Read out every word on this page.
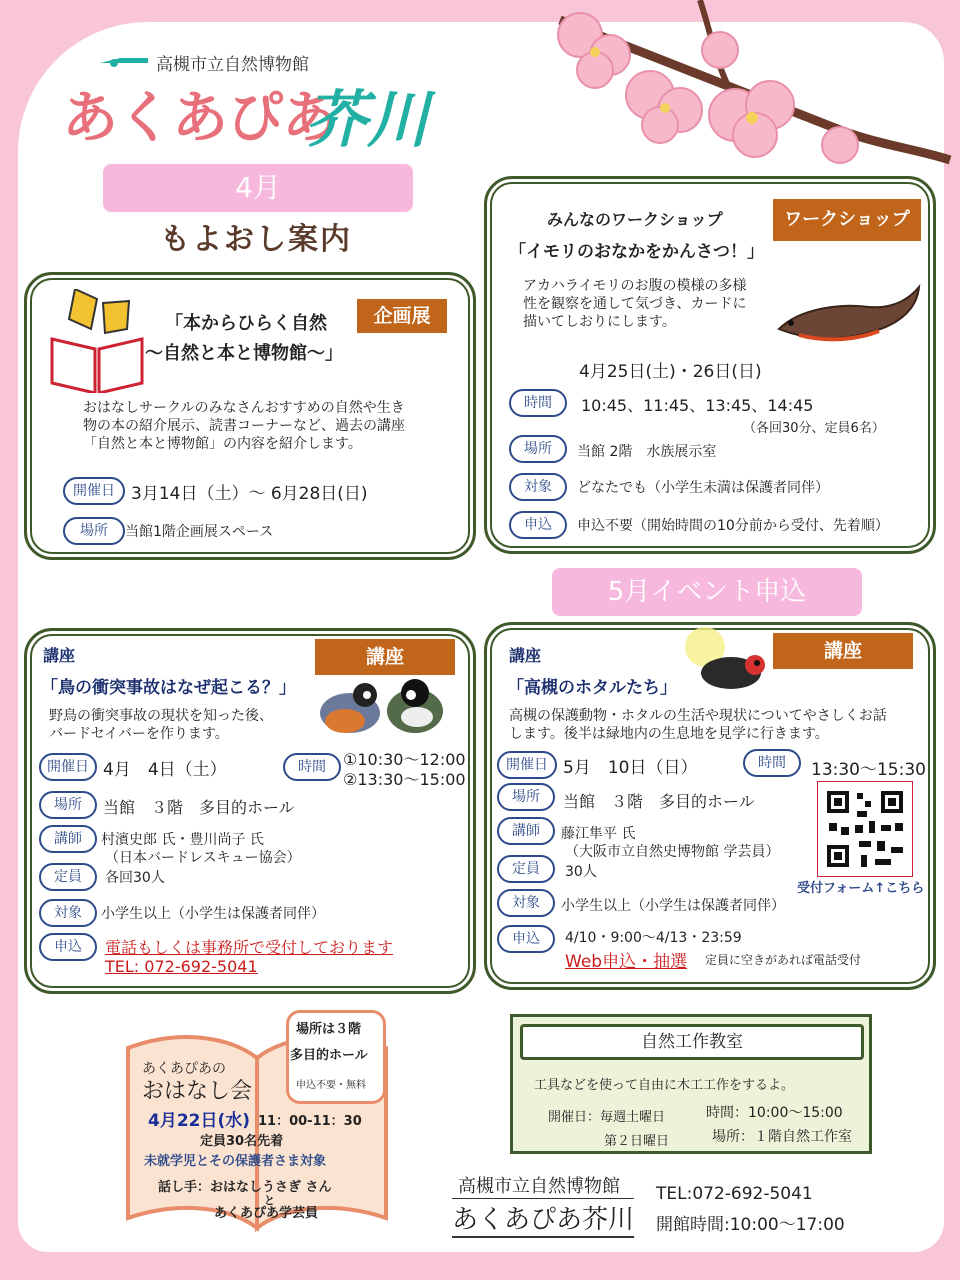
高槻市立自然博物館
あくあぴあ
芥川
4月
もよおし案内
企画展
「本からひらく自然
～自然と本と博物館～」
おはなしサークルのみなさんおすすめの自然や生き
物の本の紹介展示、読書コーナーなど、過去の講座
「自然と本と博物館」の内容を紹介します。
開催日 3月14日（土）～ 6月28日(日)
場所	当館1階企画展スペース
ワークショップ
みんなのワークショップ
「イモリのおなかをかんさつ！」
アカハライモリのお腹の模様の多様
性を観察を通して気づき、カードに
描いてしおりにします。
4月25日(土)・26日(日)
時間	10:45、11:45、13:45、14:45
（各回30分、定員6名）
場所	当館 2階　水族展示室
対象	どなたでも（小学生未満は保護者同伴）
申込	申込不要（開始時間の10分前から受付、先着順）
5月イベント申込
講座	講座
「鳥の衝突事故はなぜ起こる？」
野鳥の衝突事故の現状を知った後、
バードセイバーを作ります。
開催日 4月　4日（土）	時間	①10:30～12:00
②13:30～15:00
場所	当館　３階　多目的ホール
講師	村濱史郎 氏・豊川尚子 氏
（日本バードレスキュー協会）
定員	各回30人
対象	小学生以上（小学生は保護者同伴）
申込	電話もしくは事務所で受付しております
TEL: 072-692-5041
講座	講座
「高槻のホタルたち」
高槻の保護動物・ホタルの生活や現状についてやさしくお話
します。後半は緑地内の生息地を見学に行きます。
開催日 5月　10日（日）	時間	13:30～15:30
場所	当館　３階　多目的ホール
講師	藤江隼平 氏
（大阪市立自然史博物館 学芸員）
定員	30人
対象	小学生以上（小学生は保護者同伴）
申込	4/10・9:00～4/13・23:59
Web申込・抽選 定員に空きがあれば電話受付
受付フォーム↑こちら
場所は３階
多目的ホール
申込不要・無料
あくあぴあの
おはなし会
4月22日(水) 11：00-11：30
定員30名先着
未就学児とその保護者さま対象
話し手：おはなしうさぎ さん
と
あくあぴあ学芸員
自然工作教室
工具などを使って自由に木工工作をするよ。
開催日：毎週土曜日
第２日曜日
時間：10:00～15:00
場所：１階自然工作室
高槻市立自然博物館
あくあぴあ芥川
TEL:072-692-5041
開館時間:10:00～17:00
